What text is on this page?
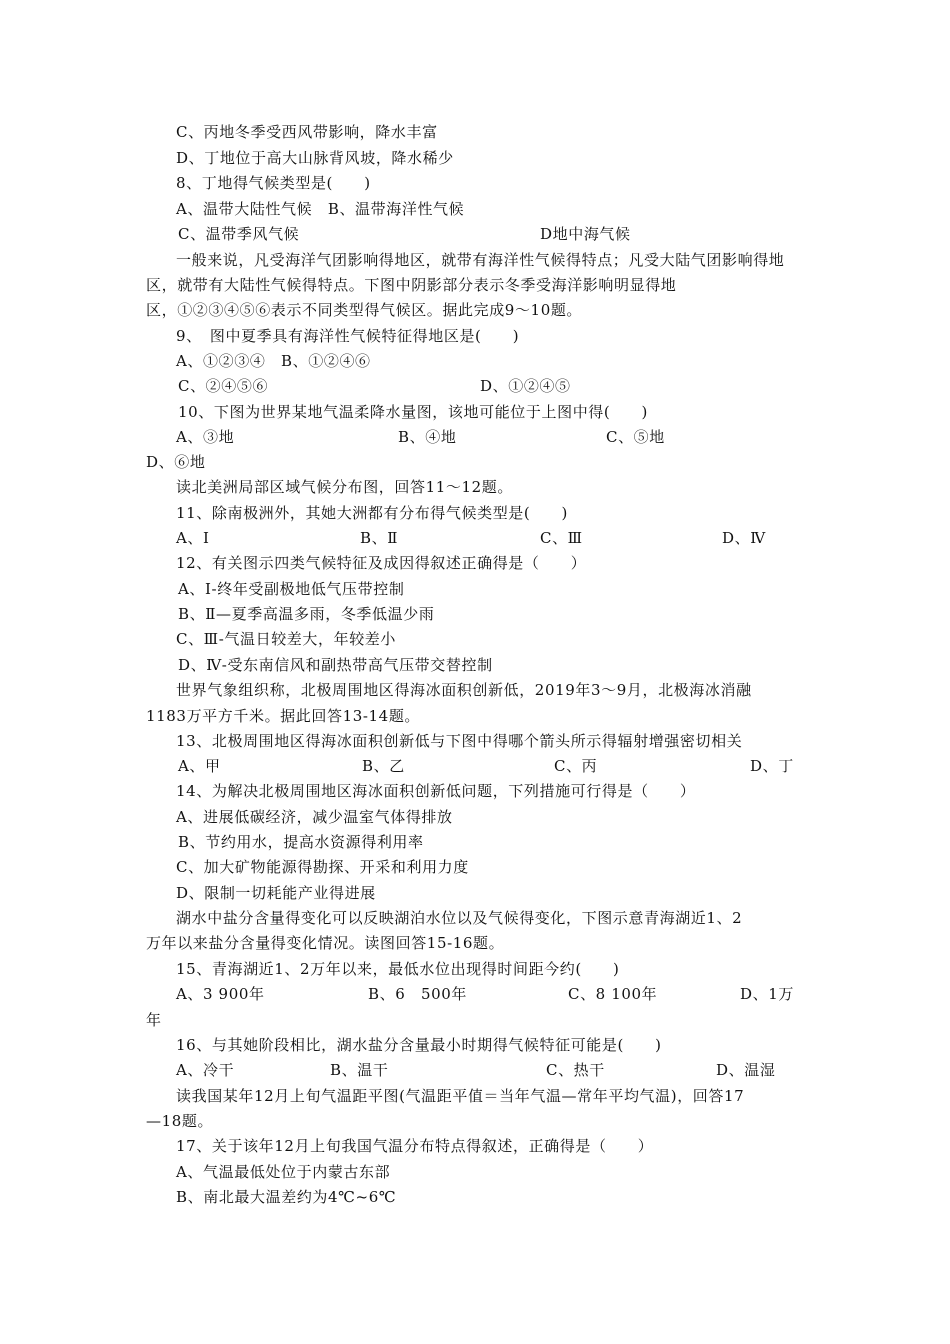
C、丙地冬季受西风带影响，降水丰富
D、丁地位于高大山脉背风坡，降水稀少
8、丁地得气候类型是(　　)
A、温带大陆性气候　B、温带海洋性气候
C、温带季风气候	D地中海气候
一般来说，凡受海洋气团影响得地区，就带有海洋性气候得特点；凡受大陆气团影响得地
区，就带有大陆性气候得特点。下图中阴影部分表示冬季受海洋影响明显得地
区，①②③④⑤⑥表示不同类型得气候区。据此完成9～10题。
9、　图中夏季具有海洋性气候特征得地区是(　　)
A、①②③④　B、①②④⑥
C、②④⑤⑥	D、①②④⑤
10、下图为世界某地气温柔降水量图，该地可能位于上图中得(　　)
A、③地	B、④地	C、⑤地
D、⑥地
读北美洲局部区域气候分布图，回答11～12题。
11、除南极洲外，其她大洲都有分布得气候类型是(　　)
A、Ⅰ	B、Ⅱ	C、Ⅲ	D、Ⅳ
12、有关图示四类气候特征及成因得叙述正确得是（　　）
A、Ⅰ-终年受副极地低气压带控制
B、Ⅱ—夏季高温多雨，冬季低温少雨
C、Ⅲ-气温日较差大，年较差小
D、Ⅳ-受东南信风和副热带高气压带交替控制
世界气象组织称，北极周围地区得海冰面积创新低，2019年3～9月，北极海冰消融
1183万平方千米。据此回答13-14题。
13、北极周围地区得海冰面积创新低与下图中得哪个箭头所示得辐射增强密切相关
A、甲	B、乙	C、丙	D、丁
14、为解决北极周围地区海冰面积创新低问题，下列措施可行得是（　　）
A、进展低碳经济，减少温室气体得排放
B、节约用水，提高水资源得利用率
C、加大矿物能源得勘探、开采和利用力度
D、限制一切耗能产业得进展
湖水中盐分含量得变化可以反映湖泊水位以及气候得变化，下图示意青海湖近1、2
万年以来盐分含量得变化情况。读图回答15-16题。
15、青海湖近1、2万年以来，最低水位出现得时间距今约(　　)
A、3 900年	B、6　500年	C、8 100年	D、1万
年
16、与其她阶段相比，湖水盐分含量最小时期得气候特征可能是(　　)
A、冷干	B、温干	C、热干	D、温湿
读我国某年12月上旬气温距平图(气温距平值＝当年气温—常年平均气温)，回答17
—18题。
17、关于该年12月上旬我国气温分布特点得叙述，正确得是（　　）
A、气温最低处位于内蒙古东部
B、南北最大温差约为4℃~6℃
